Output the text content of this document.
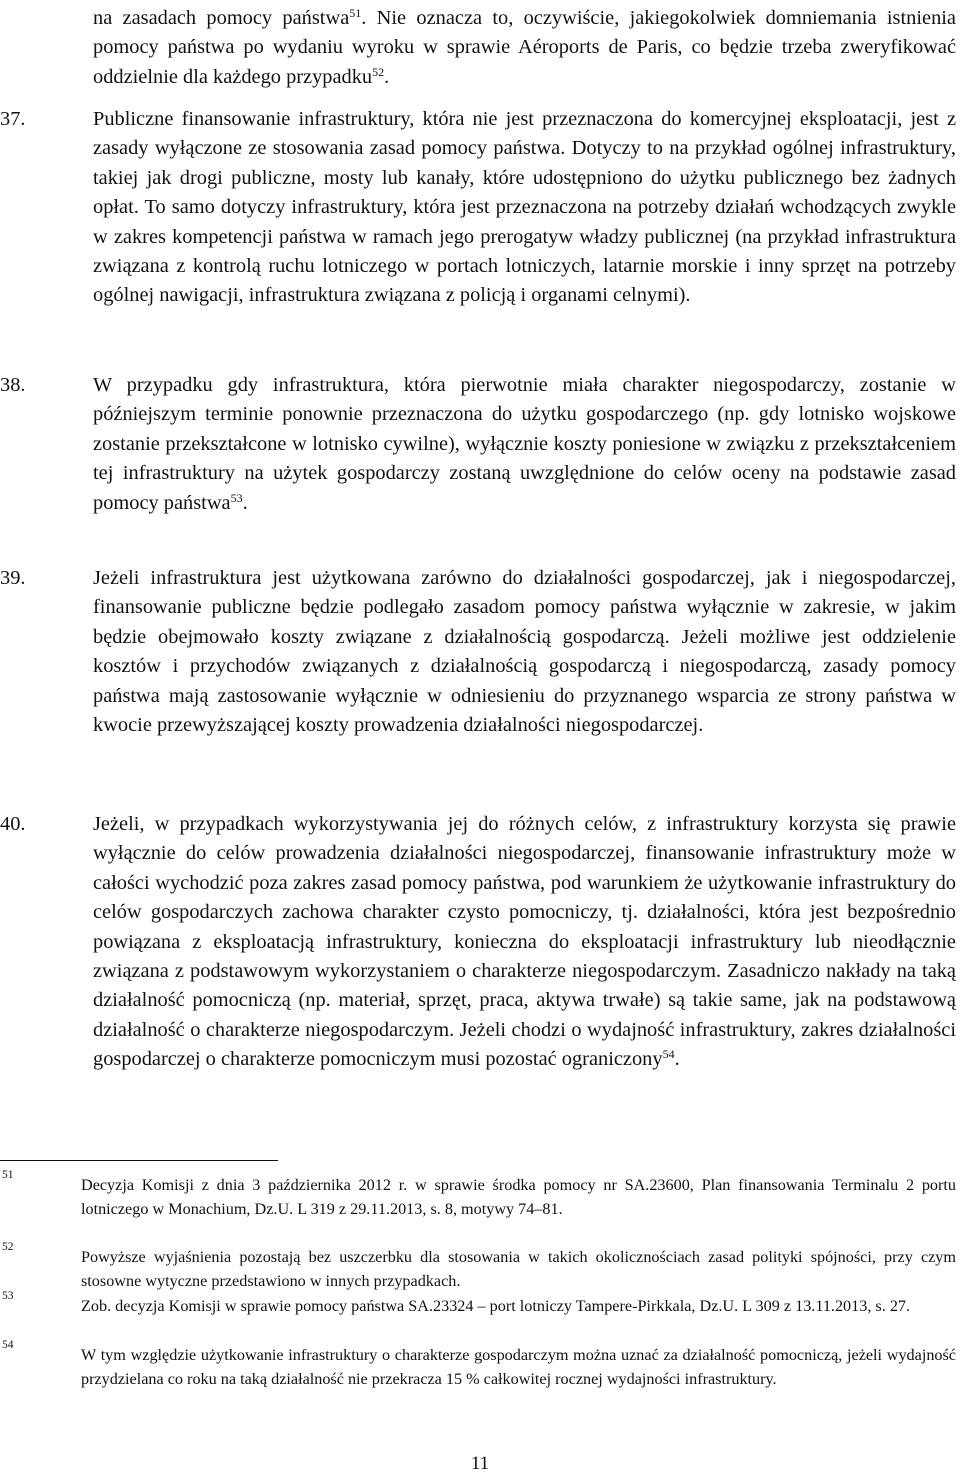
na zasadach pomocy państwa$^{51}$. Nie oznacza to, oczywiście, jakiegokolwiek domniemania istnienia pomocy państwa po wydaniu wyroku w sprawie Aéroports de Paris, co będzie trzeba zweryfikować oddzielnie dla każdego przypadku$^{52}$.

37.	Publiczne finansowanie infrastruktury, która nie jest przeznaczona do komercyjnej eksploatacji, jest z zasady wyłączone ze stosowania zasad pomocy państwa. Dotyczy to na przykład ogólnej infrastruktury, takiej jak drogi publiczne, mosty lub kanały, które udostępniono do użytku publicznego bez żadnych opłat. To samo dotyczy infrastruktury, która jest przeznaczona na potrzeby działań wchodzących zwykle w zakres kompetencji państwa w ramach jego prerogatyw władzy publicznej (na przykład infrastruktura związana z kontrolą ruchu lotniczego w portach lotniczych, latarnie morskie i inny sprzęt na potrzeby ogólnej nawigacji, infrastruktura związana z policją i organami celnymi).

38.	W przypadku gdy infrastruktura, która pierwotnie miała charakter niegospodarczy, zostanie w późniejszym terminie ponownie przeznaczona do użytku gospodarczego (np. gdy lotnisko wojskowe zostanie przekształcone w lotnisko cywilne), wyłącznie koszty poniesione w związku z przekształceniem tej infrastruktury na użytek gospodarczy zostaną uwzględnione do celów oceny na podstawie zasad pomocy państwa$^{53}$.

39.	Jeżeli infrastruktura jest użytkowana zarówno do działalności gospodarczej, jak i niegospodarczej, finansowanie publiczne będzie podlegało zasadom pomocy państwa wyłącznie w zakresie, w jakim będzie obejmowało koszty związane z działalnością gospodarczą. Jeżeli możliwe jest oddzielenie kosztów i przychodów związanych z działalnością gospodarczą i niegospodarczą, zasady pomocy państwa mają zastosowanie wyłącznie w odniesieniu do przyznanego wsparcia ze strony państwa w kwocie przewyższającej koszty prowadzenia działalności niegospodarczej.

40.	Jeżeli, w przypadkach wykorzystywania jej do różnych celów, z infrastruktury korzysta się prawie wyłącznie do celów prowadzenia działalności niegospodarczej, finansowanie infrastruktury może w całości wychodzić poza zakres zasad pomocy państwa, pod warunkiem że użytkowanie infrastruktury do celów gospodarczych zachowa charakter czysto pomocniczy, tj. działalności, która jest bezpośrednio powiązana z eksploatacją infrastruktury, konieczna do eksploatacji infrastruktury lub nieodłącznie związana z podstawowym wykorzystaniem o charakterze niegospodarczym. Zasadniczo nakłady na taką działalność pomocniczą (np. materiał, sprzęt, praca, aktywa trwałe) są takie same, jak na podstawową działalność o charakterze niegospodarczym. Jeżeli chodzi o wydajność infrastruktury, zakres działalności gospodarczej o charakterze pomocniczym musi pozostać ograniczony$^{54}$.

51

Decyzja Komisji z dnia 3 października 2012 r. w sprawie środka pomocy nr SA.23600, Plan finansowania Terminalu 2 portu lotniczego w Monachium, Dz.U. L 319 z 29.11.2013, s. 8, motywy 74–81.

52

Powyższe wyjaśnienia pozostają bez uszczerbku dla stosowania w takich okolicznościach zasad polityki spójności, przy czym stosowne wytyczne przedstawiono w innych przypadkach.

53

Zob. decyzja Komisji w sprawie pomocy państwa SA.23324 – port lotniczy Tampere-Pirkkala, Dz.U. L 309 z 13.11.2013, s. 27.

54

W tym względzie użytkowanie infrastruktury o charakterze gospodarczym można uznać za działalność pomocniczą, jeżeli wydajność przydzielana co roku na taką działalność nie przekracza 15 % całkowitej rocznej wydajności infrastruktury.

11
